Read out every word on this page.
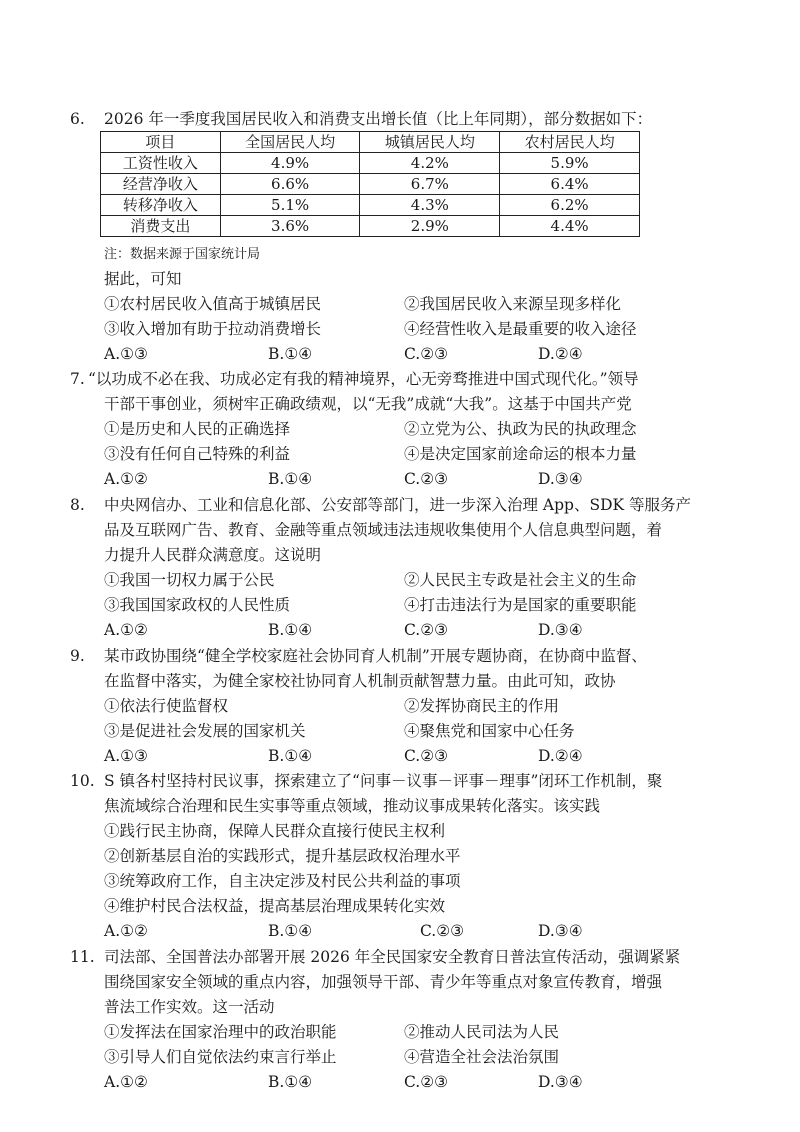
6. 2026 年一季度我国居民收入和消费支出增长值（比上年同期），部分数据如下：
项目	全国居民人均	城镇居民人均	农村居民人均
工资性收入	4.9%	4.2%	5.9%
经营净收入	6.6%	6.7%	6.4%
转移净收入	5.1%	4.3%	6.2%
消费支出	3.6%	2.9%	4.4%
注：数据来源于国家统计局
据此，可知
①农村居民收入值高于城镇居民	②我国居民收入来源呈现多样化
③收入增加有助于拉动消费增长	④经营性收入是最重要的收入途径
A.①③	B.①④	C.②③	D.②④
7. “以功成不必在我、功成必定有我的精神境界，心无旁骛推进中国式现代化。”领导
干部干事创业，须树牢正确政绩观，以“无我”成就“大我”。这基于中国共产党
①是历史和人民的正确选择	②立党为公、执政为民的执政理念
③没有任何自己特殊的利益	④是决定国家前途命运的根本力量
A.①②	B.①④	C.②③	D.③④
8. 中央网信办、工业和信息化部、公安部等部门，进一步深入治理 App、SDK 等服务产
品及互联网广告、教育、金融等重点领域违法违规收集使用个人信息典型问题，着
力提升人民群众满意度。这说明
①我国一切权力属于公民	②人民民主专政是社会主义的生命
③我国国家政权的人民性质	④打击违法行为是国家的重要职能
A.①②	B.①④	C.②③	D.③④
9. 某市政协围绕“健全学校家庭社会协同育人机制”开展专题协商，在协商中监督、
在监督中落实，为健全家校社协同育人机制贡献智慧力量。由此可知，政协
①依法行使监督权	②发挥协商民主的作用
③是促进社会发展的国家机关	④聚焦党和国家中心任务
A.①③	B.①④	C.②③	D.②④
10. S 镇各村坚持村民议事，探索建立了“问事－议事－评事－理事”闭环工作机制，聚
焦流域综合治理和民生实事等重点领域，推动议事成果转化落实。该实践
①践行民主协商，保障人民群众直接行使民主权利
②创新基层自治的实践形式，提升基层政权治理水平
③统筹政府工作，自主决定涉及村民公共利益的事项
④维护村民合法权益，提高基层治理成果转化实效
A.①②	B.①④	C.②③	D.③④
11. 司法部、全国普法办部署开展 2026 年全民国家安全教育日普法宣传活动，强调紧紧
围绕国家安全领域的重点内容，加强领导干部、青少年等重点对象宣传教育，增强
普法工作实效。这一活动
①发挥法在国家治理中的政治职能	②推动人民司法为人民
③引导人们自觉依法约束言行举止	④营造全社会法治氛围
A.①②	B.①④	C.②③	D.③④
